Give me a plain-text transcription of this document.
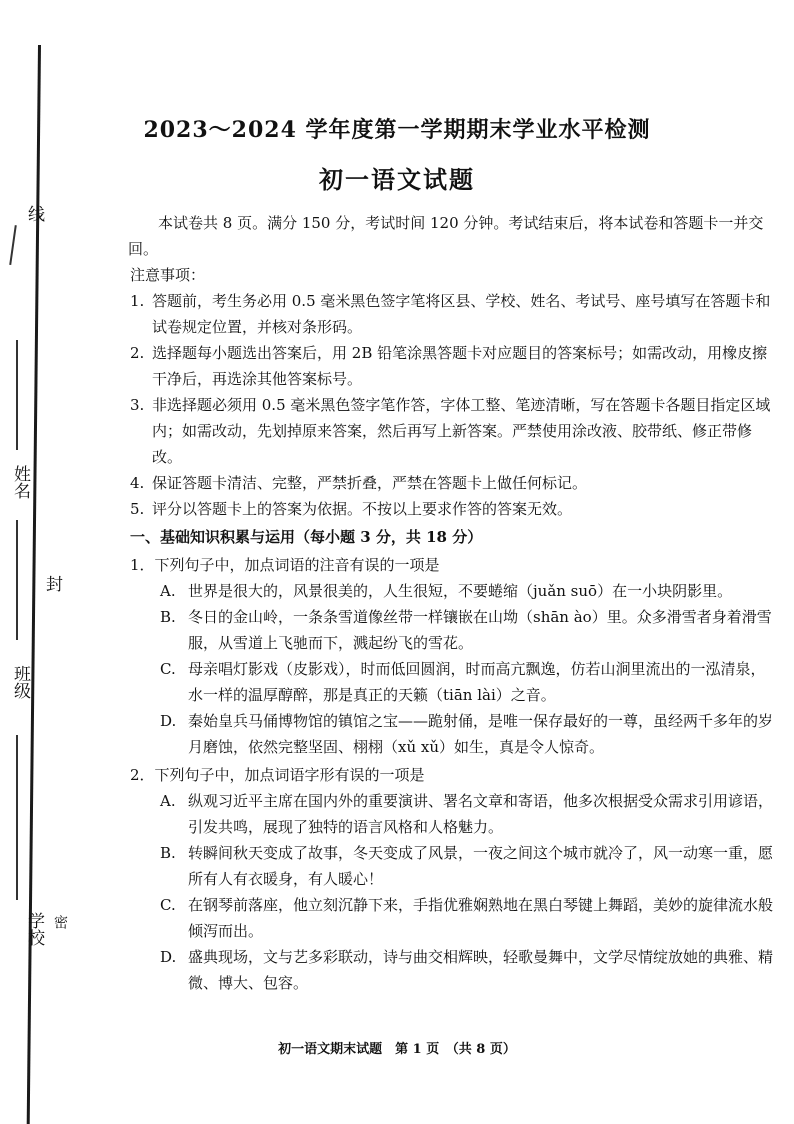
线
姓名
封
班级
学校 密
2023～2024 学年度第一学期期末学业水平检测
初一语文试题

本试卷共 8 页。满分 150 分，考试时间 120 分钟。考试结束后，将本试卷和答题卡一并交回。

注意事项：

1. 答题前，考生务必用 0.5 毫米黑色签字笔将区县、学校、姓名、考试号、座号填写在答题卡和试卷规定位置，并核对条形码。
2. 选择题每小题选出答案后，用 2B 铅笔涂黑答题卡对应题目的答案标号；如需改动，用橡皮擦干净后，再选涂其他答案标号。
3. 非选择题必须用 0.5 毫米黑色签字笔作答，字体工整、笔迹清晰，写在答题卡各题目指定区域内；如需改动，先划掉原来答案，然后再写上新答案。严禁使用涂改液、胶带纸、修正带修改。
4. 保证答题卡清洁、完整，严禁折叠，严禁在答题卡上做任何标记。
5. 评分以答题卡上的答案为依据。不按以上要求作答的答案无效。

一、基础知识积累与运用（每小题 3 分，共 18 分）

1．下列句子中，加点词语的注音有误的一项是

A. 世界是很大的，风景很美的，人生很短，不要蜷缩（juǎn suō）在一小块阴影里。
B. 冬日的金山岭，一条条雪道像丝带一样镶嵌在山坳（shān ào）里。众多滑雪者身着滑雪服，从雪道上飞驰而下，溅起纷飞的雪花。
C. 母亲唱灯影戏（皮影戏），时而低回圆润，时而高亢飘逸，仿若山涧里流出的一泓清泉，水一样的温厚醇醉，那是真正的天籁（tiān lài）之音。
D. 秦始皇兵马俑博物馆的镇馆之宝——跪射俑，是唯一保存最好的一尊，虽经两千多年的岁月磨蚀，依然完整坚固、栩栩（xǔ xǔ）如生，真是令人惊奇。

2．下列句子中，加点词语字形有误的一项是

A. 纵观习近平主席在国内外的重要演讲、署名文章和寄语，他多次根据受众需求引用谚语，引发共鸣，展现了独特的语言风格和人格魅力。
B. 转瞬间秋天变成了故事，冬天变成了风景，一夜之间这个城市就冷了，风一动寒一重，愿所有人有衣暖身，有人暖心！
C. 在钢琴前落座，他立刻沉静下来，手指优雅娴熟地在黑白琴键上舞蹈，美妙的旋律流水般倾泻而出。
D. 盛典现场，文与艺多彩联动，诗与曲交相辉映，轻歌曼舞中，文学尽情绽放她的典雅、精微、博大、包容。
初一语文期末试题　第 1 页　（共 8 页）
